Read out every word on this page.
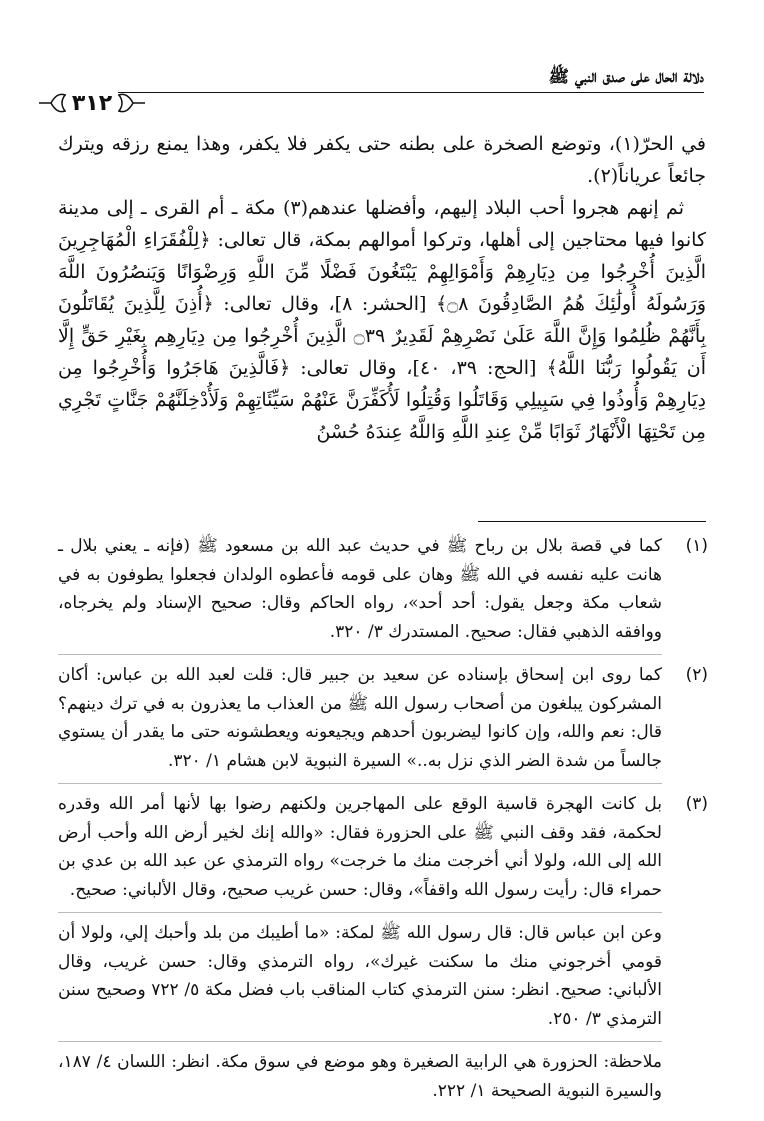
دلالة الحال على صدق النبي ﷺ
٣١٢

في الحرّ(١)، وتوضع الصخرة على بطنه حتى يكفر فلا يكفر، وهذا يمنع رزقه ويترك جائعاً عرياناً(٢).

ثم إنهم هجروا أحب البلاد إليهم، وأفضلها عندهم(٣) مكة ـ أم القرى ـ إلى مدينة كانوا فيها محتاجين إلى أهلها، وتركوا أموالهم بمكة، قال تعالى: ﴿لِلْفُقَرَاءِ الْمُهَاجِرِينَ الَّذِينَ أُخْرِجُوا مِن دِيَارِهِمْ وَأَمْوَالِهِمْ يَبْتَغُونَ فَضْلًا مِّنَ اللَّهِ وَرِضْوَانًا وَيَنصُرُونَ اللَّهَ وَرَسُولَهُ أُولَٰئِكَ هُمُ الصَّادِقُونَ ۝٨﴾ [الحشر: ٨]، وقال تعالى: ﴿أُذِنَ لِلَّذِينَ يُقَاتَلُونَ بِأَنَّهُمْ ظُلِمُوا وَإِنَّ اللَّهَ عَلَىٰ نَصْرِهِمْ لَقَدِيرٌ ۝٣٩ الَّذِينَ أُخْرِجُوا مِن دِيَارِهِم بِغَيْرِ حَقٍّ إِلَّا أَن يَقُولُوا رَبُّنَا اللَّهُ﴾ [الحج: ٣٩، ٤٠]، وقال تعالى: ﴿فَالَّذِينَ هَاجَرُوا وَأُخْرِجُوا مِن دِيَارِهِمْ وَأُوذُوا فِي سَبِيلِي وَقَاتَلُوا وَقُتِلُوا لَأُكَفِّرَنَّ عَنْهُمْ سَيِّئَاتِهِمْ وَلَأُدْخِلَنَّهُمْ جَنَّاتٍ تَجْرِي مِن تَحْتِهَا الْأَنْهَارُ ثَوَابًا مِّنْ عِندِ اللَّهِ وَاللَّهُ عِندَهُ حُسْنُ

(١)
كما في قصة بلال بن رباح ﷺ في حديث عبد الله بن مسعود ﷺ (فإنه ـ يعني بلال ـ هانت عليه نفسه في الله ﷺ وهان على قومه فأعطوه الولدان فجعلوا يطوفون به في شعاب مكة وجعل يقول: أحد أحد»، رواه الحاكم وقال: صحيح الإسناد ولم يخرجاه، ووافقه الذهبي فقال: صحيح. المستدرك ٣/ ٣٢٠.
(٢)
كما روى ابن إسحاق بإسناده عن سعيد بن جبير قال: قلت لعبد الله بن عباس: أكان المشركون يبلغون من أصحاب رسول الله ﷺ من العذاب ما يعذرون به في ترك دينهم؟ قال: نعم والله، وإن كانوا ليضربون أحدهم ويجيعونه ويعطشونه حتى ما يقدر أن يستوي جالساً من شدة الضر الذي نزل به..» السيرة النبوية لابن هشام ١/ ٣٢٠.
(٣)
بل كانت الهجرة قاسية الوقع على المهاجرين ولكنهم رضوا بها لأنها أمر الله وقدره لحكمة، فقد وقف النبي ﷺ على الحزورة فقال: «والله إنك لخير أرض الله وأحب أرض الله إلى الله، ولولا أني أخرجت منك ما خرجت» رواه الترمذي عن عبد الله بن عدي بن حمراء قال: رأيت رسول الله واقفاً»، وقال: حسن غريب صحيح، وقال الألباني: صحيح.

وعن ابن عباس قال: قال رسول الله ﷺ لمكة: «ما أطيبك من بلد وأحبك إلي، ولولا أن قومي أخرجوني منك ما سكنت غيرك»، رواه الترمذي وقال: حسن غريب، وقال الألباني: صحيح. انظر: سنن الترمذي كتاب المناقب باب فضل مكة ٥/ ٧٢٢ وصحيح سنن الترمذي ٣/ ٢٥٠.

ملاحظة: الحزورة هي الرابية الصغيرة وهو موضع في سوق مكة. انظر: اللسان ٤/ ١٨٧، والسيرة النبوية الصحيحة ١/ ٢٢٢.
